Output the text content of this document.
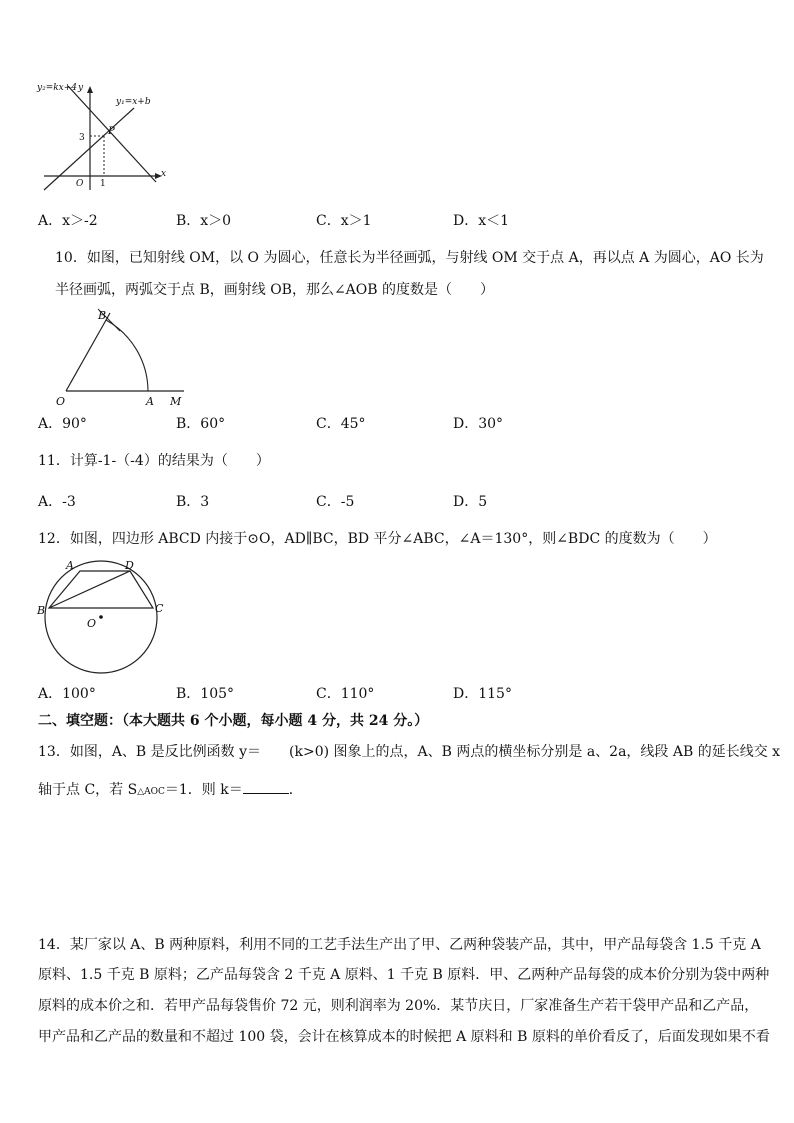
y₂=kx+4 y
y₁=x+b
P
3
O 1
x
A．x＞-2	B．x＞0	C．x＞1	D．x＜1
10．如图，已知射线 OM，以 O 为圆心，任意长为半径画弧，与射线 OM 交于点 A，再以点 A 为圆心，AO 长为
半径画弧，两弧交于点 B，画射线 OB，那么∠AOB 的度数是（　　）
B
O	A M
A．90°	B．60°	C．45°	D．30°
11．计算-1-（-4）的结果为（　　）
A．-3	B．3	C．-5	D．5
12．如图，四边形 ABCD 内接于⊙O，AD∥BC，BD 平分∠ABC，∠A＝130°，则∠BDC 的度数为（　　）
A	D
B	C
O
A．100°	B．105°	C．110°	D．115°
二、填空题：（本大题共 6 个小题，每小题 4 分，共 24 分。）
13．如图，A、B 是反比例函数 y＝　　(k>0) 图象上的点，A、B 两点的横坐标分别是 a、2a，线段 AB 的延长线交 x
轴于点 C，若 S△AOC＝1．则 k＝	．
14．某厂家以 A、B 两种原料，利用不同的工艺手法生产出了甲、乙两种袋装产品，其中，甲产品每袋含 1.5 千克 A
原料、1.5 千克 B 原料；乙产品每袋含 2 千克 A 原料、1 千克 B 原料．甲、乙两种产品每袋的成本价分别为袋中两种
原料的成本价之和．若甲产品每袋售价 72 元，则利润率为 20%．某节庆日，厂家准备生产若干袋甲产品和乙产品，
甲产品和乙产品的数量和不超过 100 袋，会计在核算成本的时候把 A 原料和 B 原料的单价看反了，后面发现如果不看
